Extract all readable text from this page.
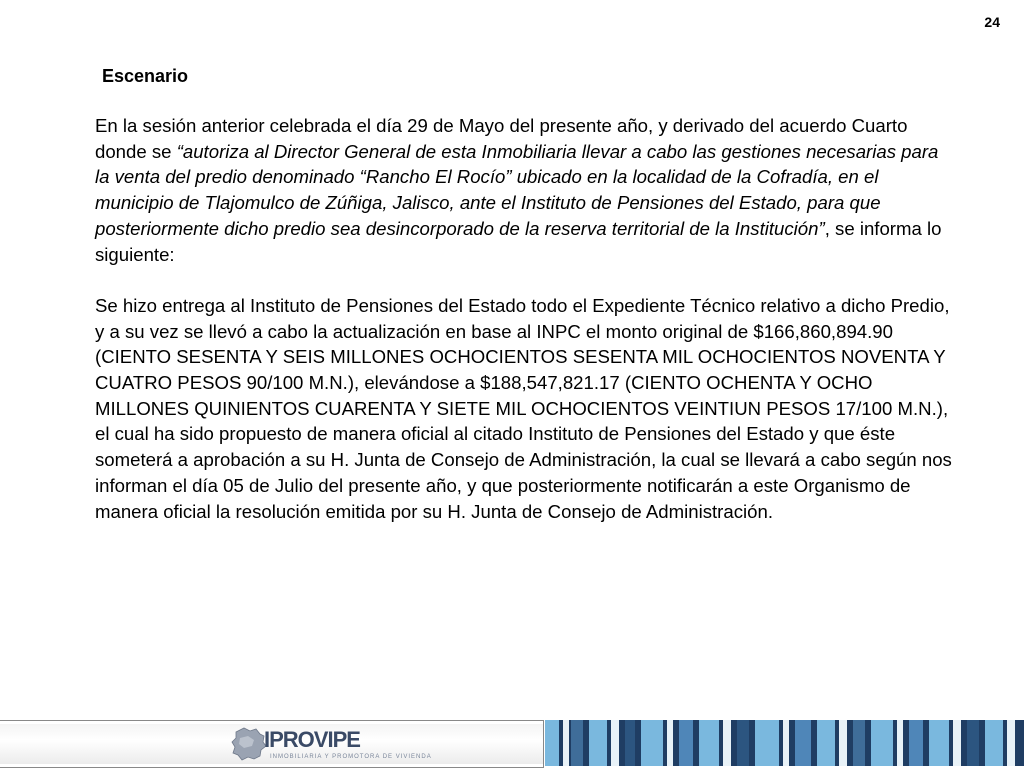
24
Escenario

En la sesión anterior celebrada el día 29 de Mayo del presente año, y derivado del acuerdo Cuarto donde se “autoriza al Director General de esta Inmobiliaria llevar a cabo las gestiones necesarias para la venta del predio denominado “Rancho El Rocío” ubicado en la localidad de la Cofradía, en el municipio de Tlajomulco de Zúñiga, Jalisco, ante el Instituto de Pensiones del Estado, para que posteriormente dicho predio sea desincorporado de la reserva territorial de la Institución”, se informa lo siguiente:

Se hizo entrega al Instituto de Pensiones del Estado todo el Expediente Técnico relativo a dicho Predio, y a su vez se llevó a cabo la actualización en base al INPC el monto original de $166,860,894.90 (CIENTO SESENTA Y SEIS MILLONES OCHOCIENTOS SESENTA MIL OCHOCIENTOS NOVENTA Y CUATRO PESOS 90/100 M.N.), elevándose a $188,547,821.17 (CIENTO OCHENTA Y OCHO MILLONES QUINIENTOS CUARENTA Y SIETE MIL OCHOCIENTOS VEINTIUN PESOS 17/100 M.N.), el cual ha sido propuesto de manera oficial al citado Instituto de Pensiones del Estado y que éste someterá a aprobación a su H. Junta de Consejo de Administración, la cual se llevará a cabo según nos informan el día 05 de Julio del presente año, y que posteriormente notificarán a este Organismo de manera oficial la resolución emitida por su H. Junta de Consejo de Administración.

IPROVIPE
INMOBILIARIA Y PROMOTORA DE VIVIENDA
